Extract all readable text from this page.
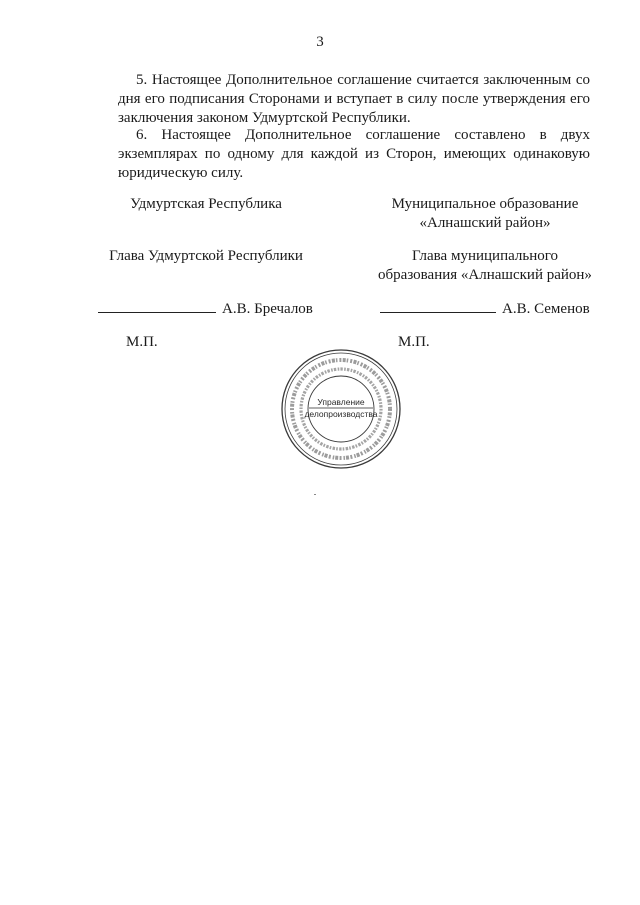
3

5. Настоящее Дополнительное соглашение считается заключенным со дня его подписания Сторонами и вступает в силу после утверждения его заключения законом Удмуртской Республики.

6. Настоящее Дополнительное соглашение составлено в двух экземплярах по одному для каждой из Сторон, имеющих одинаковую юридическую силу.

Удмуртская Республика	Муниципальное образование
«Алнашский район»
Глава Удмуртской Республики	Глава муниципального
образования «Алнашский район»
А.В. Бречалов	А.В. Семенов
М.П.	М.П.
Управление
делопроизводства
